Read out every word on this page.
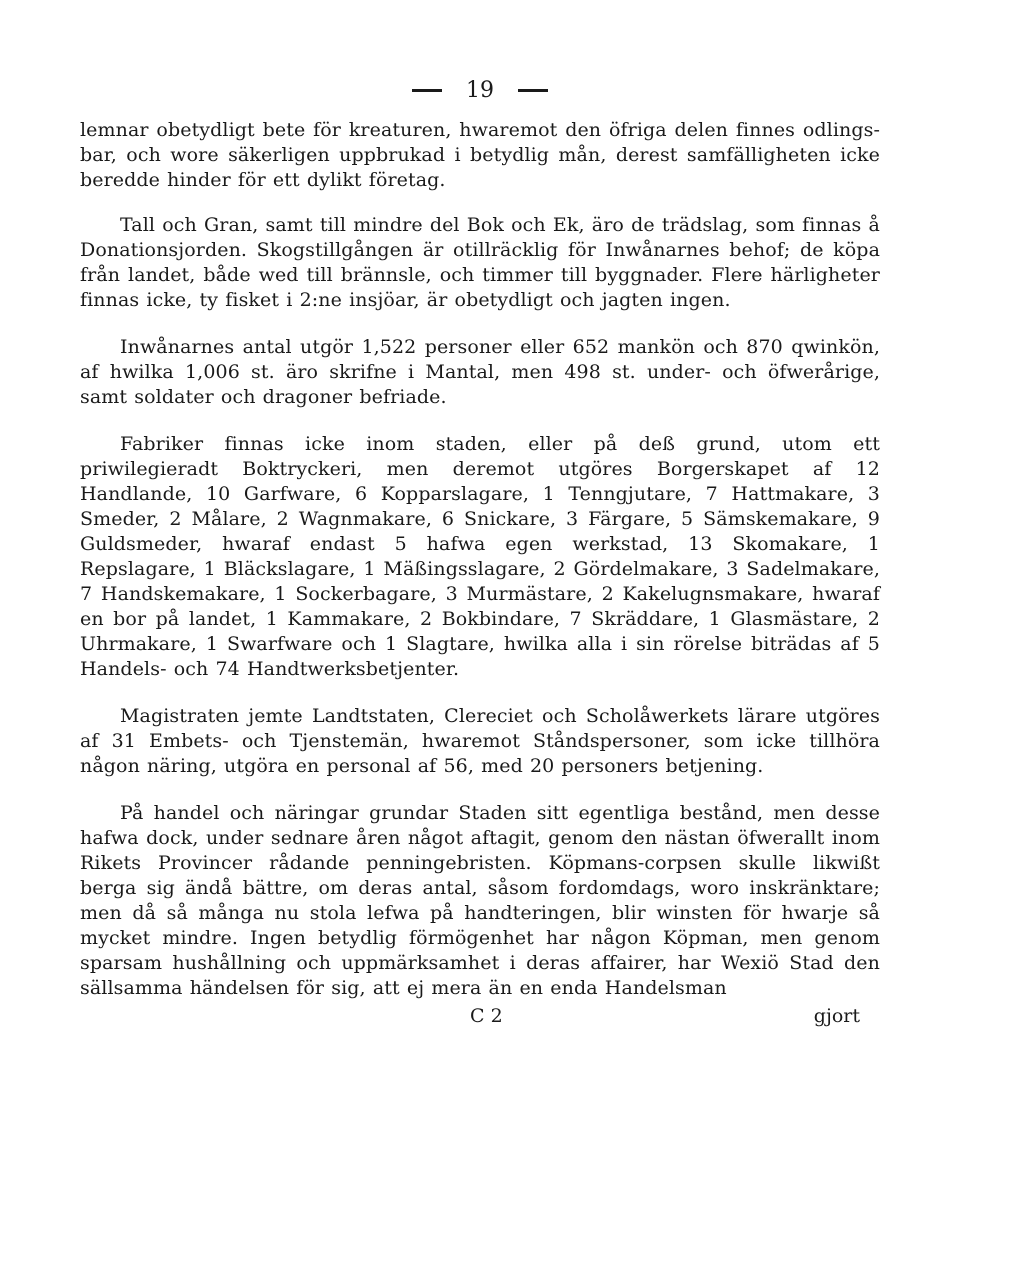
19

lemnar obetydligt bete för kreaturen, hwaremot den öfriga delen finnes odlings-bar, och wore säkerligen uppbrukad i betydlig mån, derest samfälligheten icke beredde hinder för ett dylikt företag.

Tall och Gran, samt till mindre del Bok och Ek, äro de trädslag, som finnas å Donationsjorden. Skogstillgången är otillräcklig för Inwånarnes behof; de köpa från landet, både wed till brännsle, och timmer till byggnader. Flere härligheter finnas icke, ty fisket i 2:ne insjöar, är obetydligt och jagten ingen.

Inwånarnes antal utgör 1,522 personer eller 652 mankön och 870 qwinkön, af hwilka 1,006 st. äro skrifne i Mantal, men 498 st. under- och öfwerårige, samt soldater och dragoner befriade.

Fabriker finnas icke inom staden, eller på deß grund, utom ett priwilegieradt Boktryckeri, men deremot utgöres Borgerskapet af 12 Handlande, 10 Garfware, 6 Kopparslagare, 1 Tenngjutare, 7 Hattmakare, 3 Smeder, 2 Målare, 2 Wagnmakare, 6 Snickare, 3 Färgare, 5 Sämskemakare, 9 Guldsmeder, hwaraf endast 5 hafwa egen werkstad, 13 Skomakare, 1 Repslagare, 1 Bläckslagare, 1 Mäßingsslagare, 2 Gördelmakare, 3 Sadelmakare, 7 Handskemakare, 1 Sockerbagare, 3 Murmästare, 2 Kakelugnsmakare, hwaraf en bor på landet, 1 Kammakare, 2 Bokbindare, 7 Skräddare, 1 Glasmästare, 2 Uhrmakare, 1 Swarfware och 1 Slagtare, hwilka alla i sin rörelse biträdas af 5 Handels- och 74 Handtwerksbetjenter.

Magistraten jemte Landtstaten, Clereciet och Scholåwerkets lärare utgöres af 31 Embets- och Tjenstemän, hwaremot Ståndspersoner, som icke tillhöra någon näring, utgöra en personal af 56, med 20 personers betjening.

På handel och näringar grundar Staden sitt egentliga bestånd, men desse hafwa dock, under sednare åren något aftagit, genom den nästan öfwerallt inom Rikets Provincer rådande penningebristen. Köpmans-corpsen skulle likwißt berga sig ändå bättre, om deras antal, såsom fordomdags, woro inskränktare; men då så många nu stola lefwa på handteringen, blir winsten för hwarje så mycket mindre. Ingen betydlig förmögenhet har någon Köpman, men genom sparsam hushållning och uppmärksamhet i deras affairer, har Wexiö Stad den sällsamma händelsen för sig, att ej mera än en enda Handelsman

C 2	gjort
